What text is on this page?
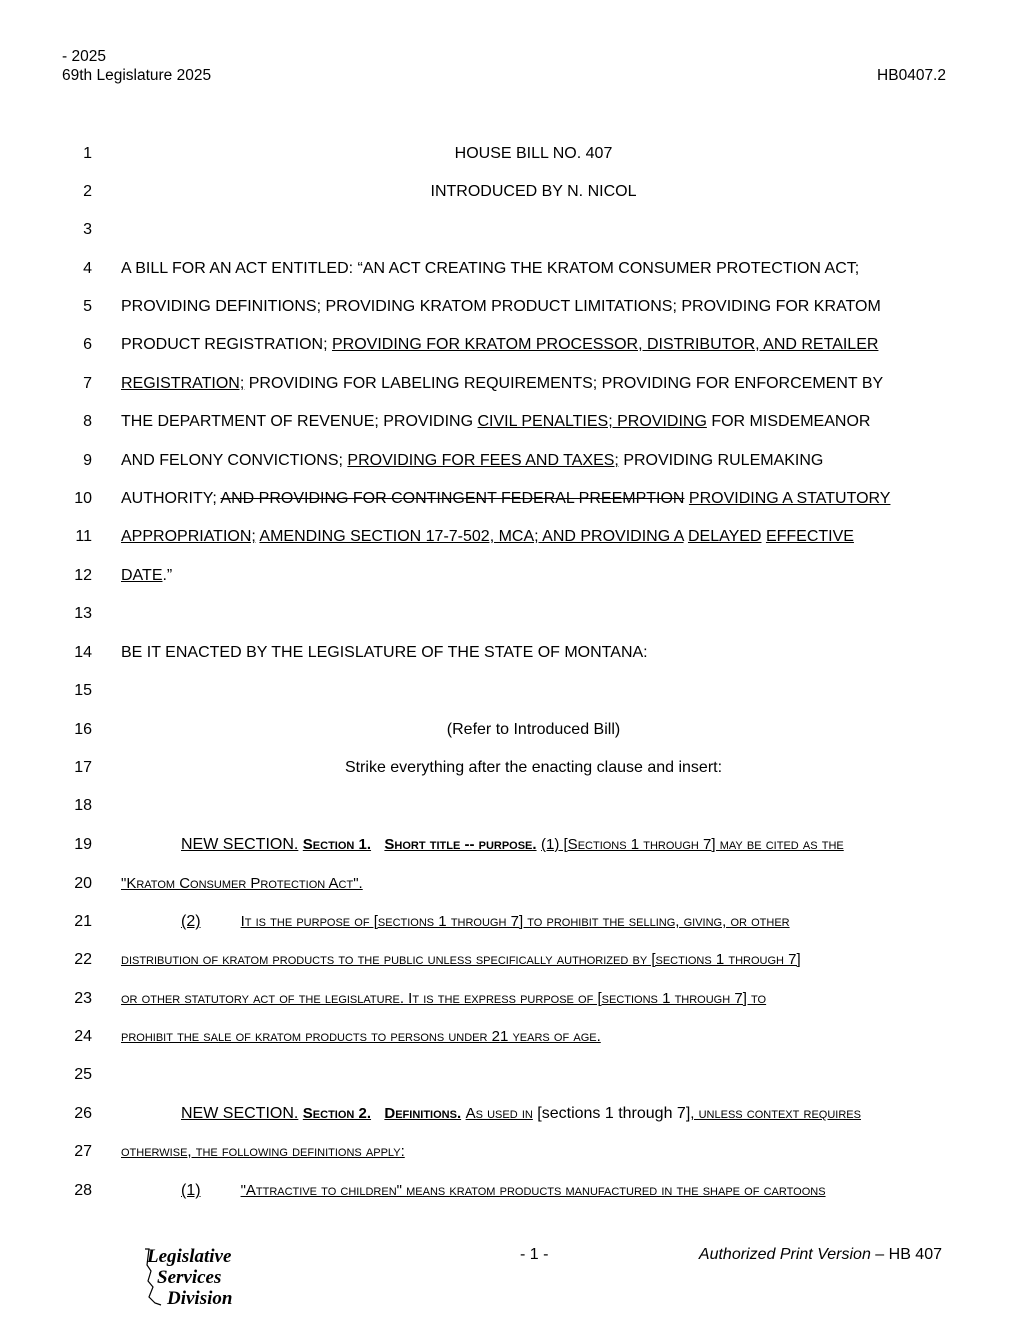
- 2025
69th Legislature 2025	HB0407.2
1	HOUSE BILL NO. 407
2	INTRODUCED BY N. NICOL
3
4 A BILL FOR AN ACT ENTITLED: “AN ACT CREATING THE KRATOM CONSUMER PROTECTION ACT;
5 PROVIDING DEFINITIONS; PROVIDING KRATOM PRODUCT LIMITATIONS; PROVIDING FOR KRATOM
6 PRODUCT REGISTRATION; PROVIDING FOR KRATOM PROCESSOR, DISTRIBUTOR, AND RETAILER
7 REGISTRATION; PROVIDING FOR LABELING REQUIREMENTS; PROVIDING FOR ENFORCEMENT BY
8 THE DEPARTMENT OF REVENUE; PROVIDING CIVIL PENALTIES; PROVIDING FOR MISDEMEANOR
9 AND FELONY CONVICTIONS; PROVIDING FOR FEES AND TAXES; PROVIDING RULEMAKING
10 AUTHORITY; AND PROVIDING FOR CONTINGENT FEDERAL PREEMPTION PROVIDING A STATUTORY
11 APPROPRIATION; AMENDING SECTION 17-7-502, MCA; AND PROVIDING A DELAYED EFFECTIVE
12 DATE.”
13
14 BE IT ENACTED BY THE LEGISLATURE OF THE STATE OF MONTANA:
15
16	(Refer to Introduced Bill)
17	Strike everything after the enacting clause and insert:
18
19	NEW SECTION. Section 1. Short title -- purpose. (1) [Sections 1 through 7] may be cited as the
20 "Kratom Consumer Protection Act".
21	(2)	It is the purpose of [sections 1 through 7] to prohibit the selling, giving, or other
22 distribution of kratom products to the public unless specifically authorized by [sections 1 through 7]
23 or other statutory act of the legislature. It is the express purpose of [sections 1 through 7] to
24 prohibit the sale of kratom products to persons under 21 years of age.
25
26	NEW SECTION. Section 2. Definitions. As used in [sections 1 through 7], unless context requires
27 otherwise, the following definitions apply:
28	(1)	"Attractive to children" means kratom products manufactured in the shape of cartoons
- 1 -	Authorized Print Version – HB 407
Legislative
Services
Division
